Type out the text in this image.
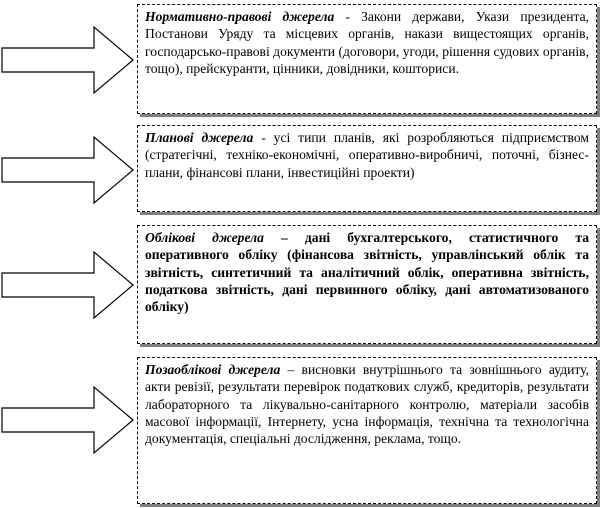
Нормативно-правові джерела - Закони держави, Укази президента, Постанови Уряду та місцевих органів, накази вищестоящих органів, господарсько-правові документи (договори, угоди, рішення судових органів, тощо), прейскуранти, цінники, довідники, кошториси.
Планові джерела - усі типи планів, які розробляються підприємством (стратегічні, техніко-економічні, оперативно-виробничі, поточні, бізнес-плани, фінансові плани, інвестиційні проекти)
Облікові джерела – дані бухгалтерського, статистичного та оперативного обліку (фінансова звітність, управлінський облік та звітність, синтетичний та аналітичний облік, оперативна звітність, податкова звітність, дані первинного обліку, дані автоматизованого обліку)
Позаоблікові джерела – висновки внутрішнього та зовнішнього аудиту, акти ревізії, результати перевірок податкових служб, кредиторів, результати лабораторного та лікувально-санітарного контролю, матеріали засобів масової інформації, Інтернету, усна інформація, технічна та технологічна документація, спеціальні дослідження, реклама, тощо.
